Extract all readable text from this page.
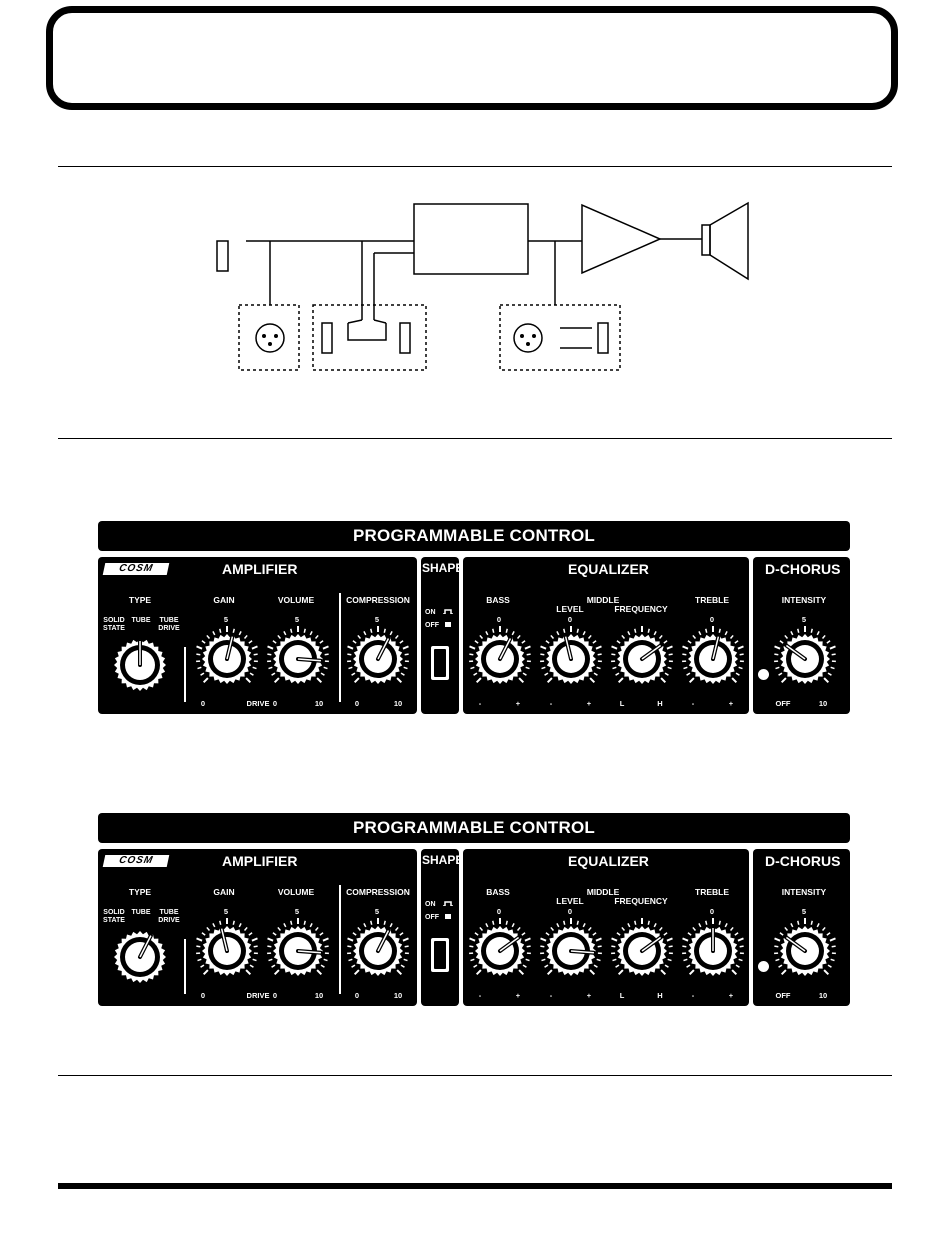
PROGRAMMABLE CONTROL
COSM	AMPLIFIER
TYPE
SOLID STATE
TUBE	TUBE DRIVE
GAIN
5
0	DRIVE
VOLUME
5
0	10
COMPRESSION
5
0	10
SHAPE
ON
OFF
EQUALIZER
BASS
0
-	+
MIDDLE
LEVEL
0
-	+
FREQUENCY
L	H
TREBLE
0
-	+
D-CHORUS
INTENSITY
5
OFF	10
PROGRAMMABLE CONTROL
COSM	AMPLIFIER
TYPE
SOLID STATE
TUBE	TUBE DRIVE
GAIN
5
0	DRIVE
VOLUME
5
0	10
COMPRESSION
5
0	10
SHAPE
ON
OFF
EQUALIZER
BASS
0
-	+
MIDDLE
LEVEL
0
-	+
FREQUENCY
L	H
TREBLE
0
-	+
D-CHORUS
INTENSITY
5
OFF	10
